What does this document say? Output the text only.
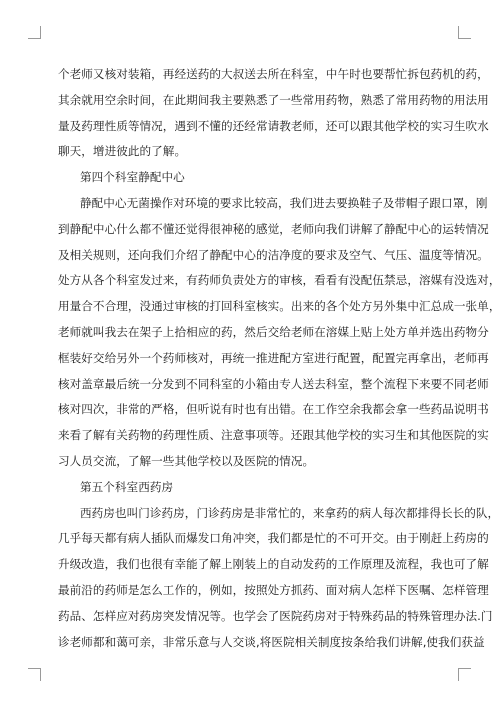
个老师又核对装箱，再经送药的大叔送去所在科室，中午时也要帮忙拆包药机的药，
其余就用空余时间，在此期间我主要熟悉了一些常用药物，熟悉了常用药物的用法用
量及药理性质等情况，遇到不懂的还经常请教老师，还可以跟其他学校的实习生吹水
聊天，增进彼此的了解。
第四个科室静配中心
静配中心无菌操作对环境的要求比较高，我们进去要换鞋子及带帽子跟口罩，刚
到静配中心什么都不懂还觉得很神秘的感觉，老师向我们讲解了静配中心的运转情况
及相关规则，还向我们介绍了静配中心的洁净度的要求及空气、气压、温度等情况。
处方从各个科室发过来，有药师负责处方的审核，看看有没配伍禁忌，溶媒有没选对，
用量合不合理，没通过审核的打回科室核实。出来的各个处方另外集中汇总成一张单，
老师就叫我去在架子上拾相应的药，然后交给老师在溶媒上贴上处方单并选出药物分
框装好交给另外一个药师核对，再统一推进配方室进行配置，配置完再拿出，老师再
核对盖章最后统一分发到不同科室的小箱由专人送去科室，整个流程下来要不同老师
核对四次，非常的严格，但听说有时也有出错。在工作空余我都会拿一些药品说明书
来看了解有关药物的药理性质、注意事项等。还跟其他学校的实习生和其他医院的实
习人员交流，了解一些其他学校以及医院的情况。
第五个科室西药房
西药房也叫门诊药房，门诊药房是非常忙的，来拿药的病人每次都排得长长的队，
几乎每天都有病人插队而爆发口角冲突，我们都是忙的不可开交。由于刚赶上药房的
升级改造，我们也很有幸能了解上刚装上的自动发药的工作原理及流程，我也可了解
最前沿的药师是怎么工作的，例如，按照处方抓药、面对病人怎样下医嘱、怎样管理
药品、怎样应对药房突发情况等。也学会了医院药房对于特殊药品的特殊管理办法.门
诊老师都和蔼可亲，非常乐意与人交谈,将医院相关制度按条给我们讲解,使我们获益
